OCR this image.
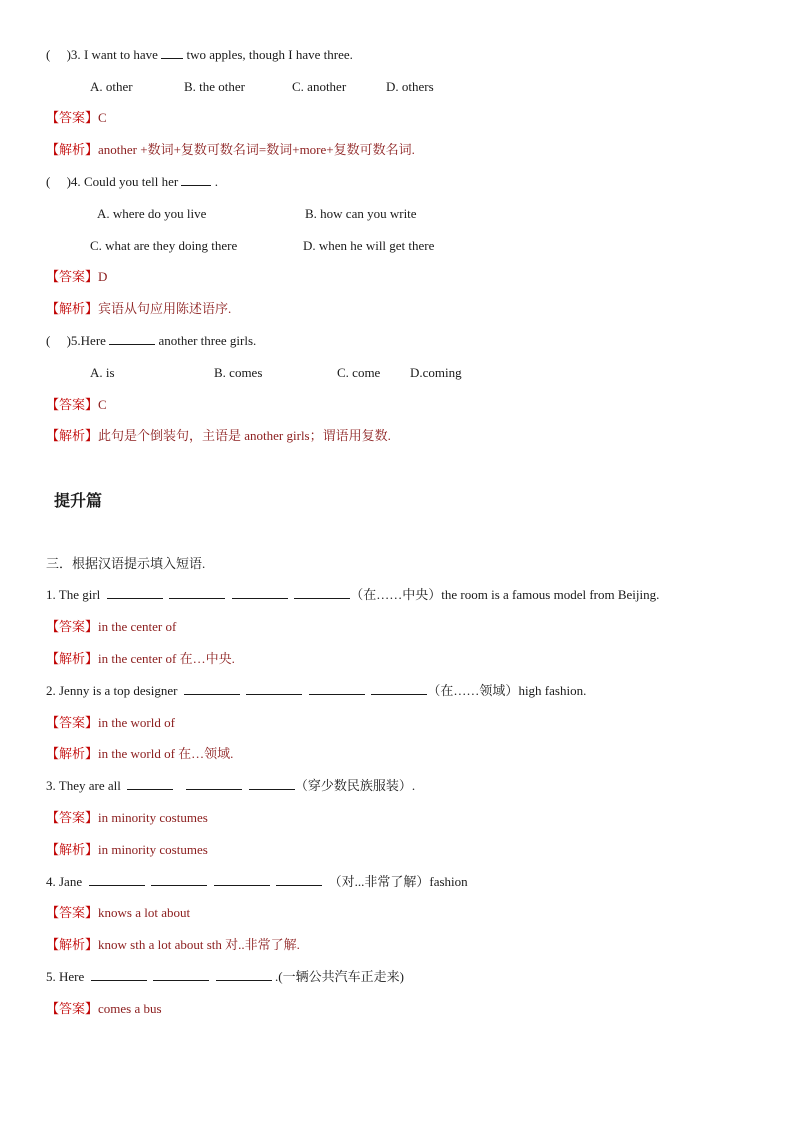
( )3. I want to have two apples, though I have three.
A. other	B. the other	C. another	D. others
【答案】C
【解析】another +数词+复数可数名词=数词+more+复数可数名词.
( )4. Could you tell her	.
A. where do you live	B. how can you write
C. what are they doing there	D. when he will get there
【答案】D
【解析】宾语从句应用陈述语序.
( )5.Here	another three girls.
A. is	B. comes	C. come D.coming
【答案】C
【解析】此句是个倒装句，主语是 another girls；谓语用复数.
提升篇
三．根据汉语提示填入短语.
1. The girl	（在……中央）the room is a famous model from Beijing.
【答案】in the center of
【解析】in the center of 在…中央.
2. Jenny is a top designer	（在……领域）high fashion.
【答案】in the world of
【解析】in the world of 在…领域.
3. They are all	（穿少数民族服装）.
【答案】in minority costumes
【解析】in minority costumes
4. Jane	（对...非常了解）fashion
【答案】knows a lot about
【解析】know sth a lot about sth 对..非常了解.
5. Here	.(一辆公共汽车正走来)
【答案】comes a bus
